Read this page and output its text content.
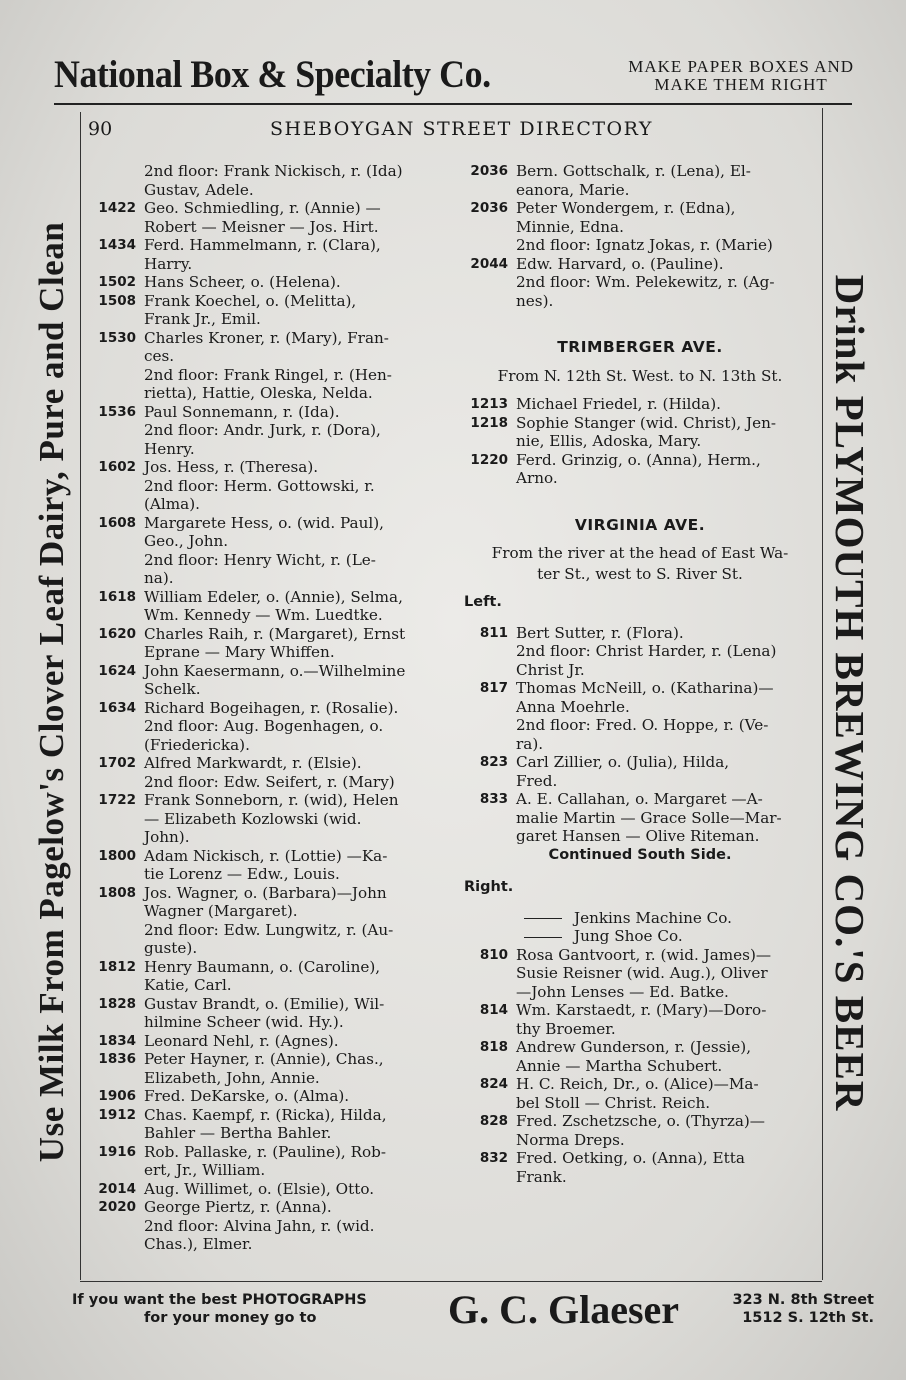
National Box & Specialty Co.	MAKE PAPER BOXES AND
MAKE THEM RIGHT
Use Milk From Pagelow's Clover Leaf Dairy, Pure and Clean	Drink PLYMOUTH BREWING CO.'S BEER
90	SHEBOYGAN STREET DIRECTORY
2nd floor: Frank Nickisch, r. (Ida)
Gustav, Adele.
1422 Geo. Schmiedling, r. (Annie) —
Robert — Meisner — Jos. Hirt.
1434 Ferd. Hammelmann, r. (Clara),
Harry.
1502 Hans Scheer, o. (Helena).
1508 Frank Koechel, o. (Melitta),
Frank Jr., Emil.
1530 Charles Kroner, r. (Mary), Fran-
ces.
2nd floor: Frank Ringel, r. (Hen-
rietta), Hattie, Oleska, Nelda.
1536 Paul Sonnemann, r. (Ida).
2nd floor: Andr. Jurk, r. (Dora),
Henry.
1602 Jos. Hess, r. (Theresa).
2nd floor: Herm. Gottowski, r.
(Alma).
1608 Margarete Hess, o. (wid. Paul),
Geo., John.
2nd floor: Henry Wicht, r. (Le-
na).
1618 William Edeler, o. (Annie), Selma,
Wm. Kennedy — Wm. Luedtke.
1620 Charles Raih, r. (Margaret), Ernst
Eprane — Mary Whiffen.
1624 John Kaesermann, o.—Wilhelmine
Schelk.
1634 Richard Bogeihagen, r. (Rosalie).
2nd floor: Aug. Bogenhagen, o.
(Friedericka).
1702 Alfred Markwardt, r. (Elsie).
2nd floor: Edw. Seifert, r. (Mary)
1722 Frank Sonneborn, r. (wid), Helen
— Elizabeth Kozlowski (wid.
John).
1800 Adam Nickisch, r. (Lottie) —Ka-
tie Lorenz — Edw., Louis.
1808 Jos. Wagner, o. (Barbara)—John
Wagner (Margaret).
2nd floor: Edw. Lungwitz, r. (Au-
guste).
1812 Henry Baumann, o. (Caroline),
Katie, Carl.
1828 Gustav Brandt, o. (Emilie), Wil-
hilmine Scheer (wid. Hy.).
1834 Leonard Nehl, r. (Agnes).
1836 Peter Hayner, r. (Annie), Chas.,
Elizabeth, John, Annie.
1906 Fred. DeKarske, o. (Alma).
1912 Chas. Kaempf, r. (Ricka), Hilda,
Bahler — Bertha Bahler.
1916 Rob. Pallaske, r. (Pauline), Rob-
ert, Jr., William.
2014 Aug. Willimet, o. (Elsie), Otto.
2020 George Piertz, r. (Anna).
2nd floor: Alvina Jahn, r. (wid.
Chas.), Elmer.
2036 Bern. Gottschalk, r. (Lena), El-
eanora, Marie.
2036 Peter Wondergem, r. (Edna),
Minnie, Edna.
2nd floor: Ignatz Jokas, r. (Marie)
2044 Edw. Harvard, o. (Pauline).
2nd floor: Wm. Pelekewitz, r. (Ag-
nes).
TRIMBERGER AVE.
From N. 12th St. West. to N. 13th St.
1213 Michael Friedel, r. (Hilda).
1218 Sophie Stanger (wid. Christ), Jen-
nie, Ellis, Adoska, Mary.
1220 Ferd. Grinzig, o. (Anna), Herm.,
Arno.
VIRGINIA AVE.
From the river at the head of East Wa-
ter St., west to S. River St.
Left.
811 Bert Sutter, r. (Flora).
2nd floor: Christ Harder, r. (Lena)
Christ Jr.
817 Thomas McNeill, o. (Katharina)—
Anna Moehrle.
2nd floor: Fred. O. Hoppe, r. (Ve-
ra).
823 Carl Zillier, o. (Julia), Hilda,
Fred.
833 A. E. Callahan, o. Margaret —A-
malie Martin — Grace Solle—Mar-
garet Hansen — Olive Riteman.
Continued South Side.
Right.
Jenkins Machine Co.
Jung Shoe Co.
810 Rosa Gantvoort, r. (wid. James)—
Susie Reisner (wid. Aug.), Oliver
—John Lenses — Ed. Batke.
814 Wm. Karstaedt, r. (Mary)—Doro-
thy Broemer.
818 Andrew Gunderson, r. (Jessie),
Annie — Martha Schubert.
824 H. C. Reich, Dr., o. (Alice)—Ma-
bel Stoll — Christ. Reich.
828 Fred. Zschetzsche, o. (Thyrza)—
Norma Dreps.
832 Fred. Oetking, o. (Anna), Etta
Frank.
If you want the best PHOTOGRAPHS
for your money go to	G. C. Glaeser	323 N. 8th Street
1512 S. 12th St.
